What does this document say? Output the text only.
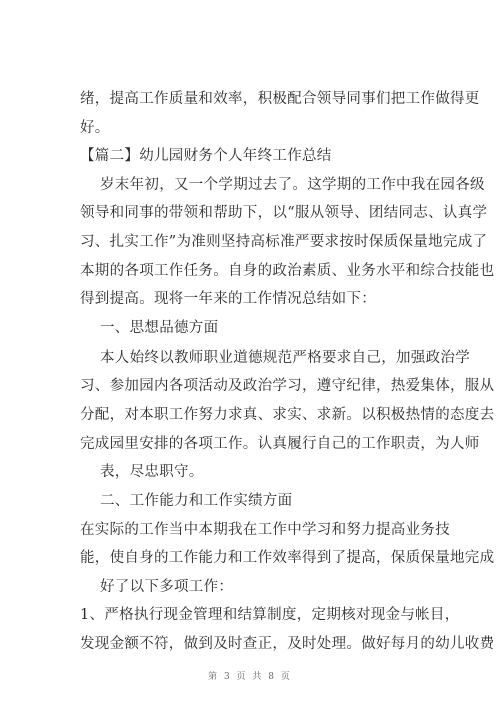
绪，提高工作质量和效率，积极配合领导同事们把工作做得更
好。
【篇二】幼儿园财务个人年终工作总结
岁末年初，又一个学期过去了。这学期的工作中我在园各级
领导和同事的带领和帮助下，以“服从领导、团结同志、认真学
习、扎实工作”为准则坚持高标准严要求按时保质保量地完成了
本期的各项工作任务。自身的政治素质、业务水平和综合技能也
得到提高。现将一年来的工作情况总结如下：
一、思想品德方面
本人始终以教师职业道德规范严格要求自己，加强政治学
习、参加园内各项活动及政治学习，遵守纪律，热爱集体，服从
分配，对本职工作努力求真、求实、求新。以积极热情的态度去
完成园里安排的各项工作。认真履行自己的工作职责，为人师
表，尽忠职守。
二、工作能力和工作实绩方面
在实际的工作当中本期我在工作中学习和努力提高业务技
能，使自身的工作能力和工作效率得到了提高，保质保量地完成
好了以下多项工作：
1、严格执行现金管理和结算制度，定期核对现金与帐目，
发现金额不符，做到及时查正，及时处理。做好每月的幼儿收费
第 3 页 共 8 页
